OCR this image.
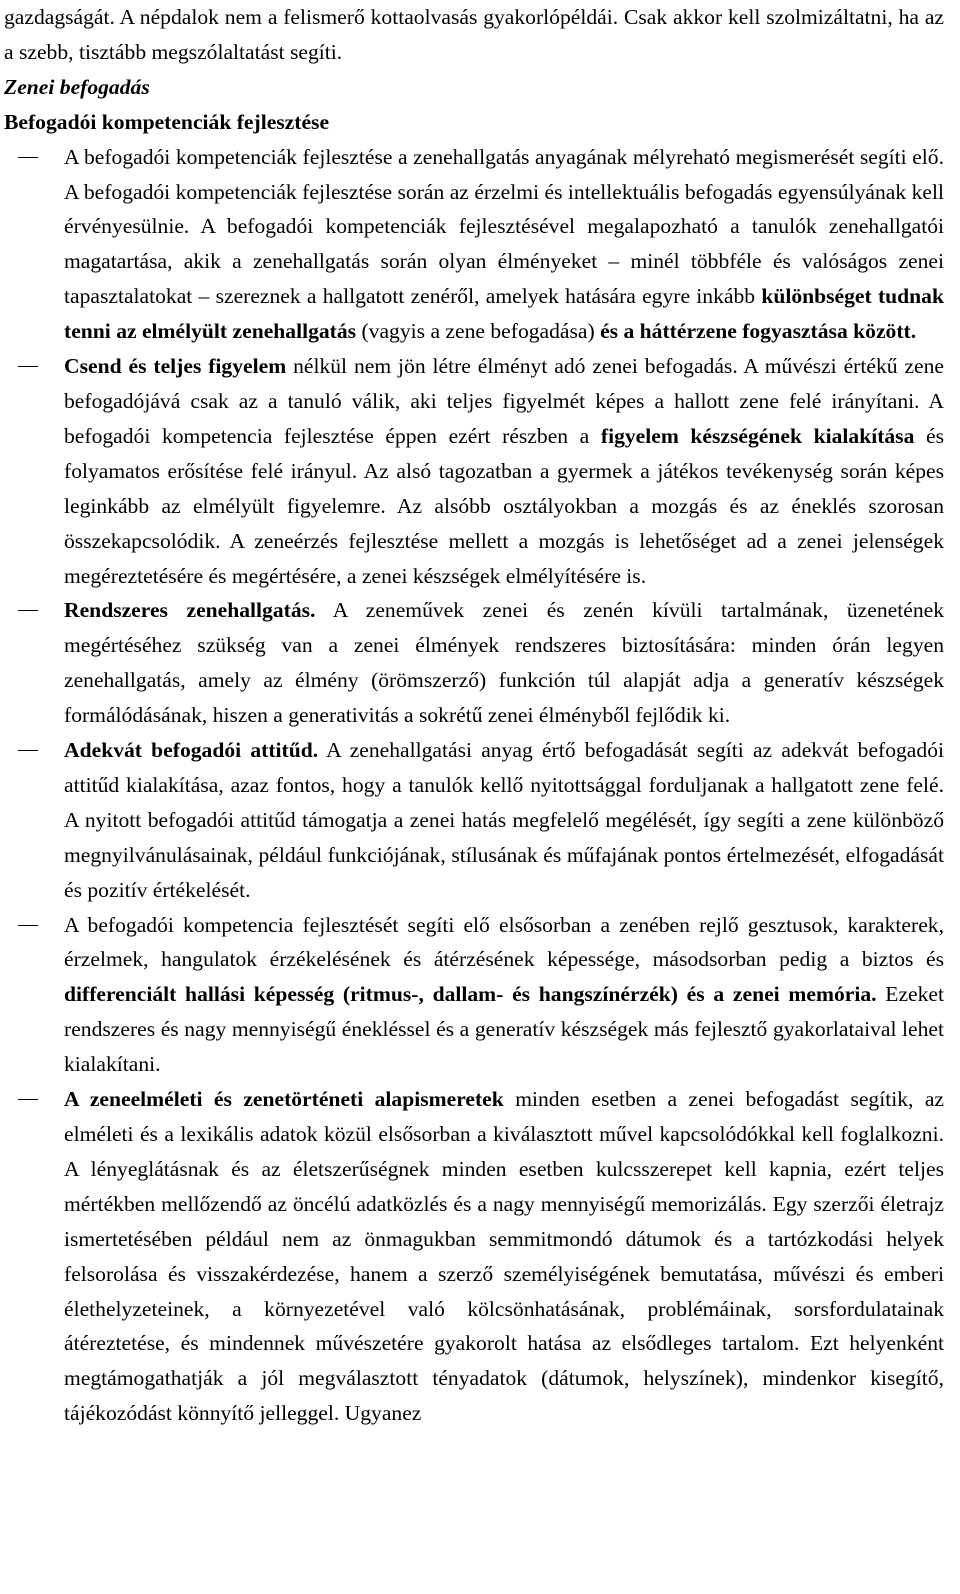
gazdagságát. A népdalok nem a felismerő kottaolvasás gyakorlópéldái. Csak akkor kell szolmizáltatni, ha az a szebb, tisztább megszólaltatást segíti.

Zenei befogadás

Befogadói kompetenciák fejlesztése

A befogadói kompetenciák fejlesztése a zenehallgatás anyagának mélyreható megismerését segíti elő. A befogadói kompetenciák fejlesztése során az érzelmi és intellektuális befogadás egyensúlyának kell érvényesülnie. A befogadói kompetenciák fejlesztésével megalapozható a tanulók zenehallgatói magatartása, akik a zenehallgatás során olyan élményeket – minél többféle és valóságos zenei tapasztalatokat – szereznek a hallgatott zenéről, amelyek hatására egyre inkább különbséget tudnak tenni az elmélyült zenehallgatás (vagyis a zene befogadása) és a háttérzene fogyasztása között.
Csend és teljes figyelem nélkül nem jön létre élményt adó zenei befogadás. A művészi értékű zene befogadójává csak az a tanuló válik, aki teljes figyelmét képes a hallott zene felé irányítani. A befogadói kompetencia fejlesztése éppen ezért részben a figyelem készségének kialakítása és folyamatos erősítése felé irányul. Az alsó tagozatban a gyermek a játékos tevékenység során képes leginkább az elmélyült figyelemre. Az alsóbb osztályokban a mozgás és az éneklés szorosan összekapcsolódik. A zeneérzés fejlesztése mellett a mozgás is lehetőséget ad a zenei jelenségek megéreztetésére és megértésére, a zenei készségek elmélyítésére is.
Rendszeres zenehallgatás. A zeneművek zenei és zenén kívüli tartalmának, üzenetének megértéséhez szükség van a zenei élmények rendszeres biztosítására: minden órán legyen zenehallgatás, amely az élmény (örömszerző) funkción túl alapját adja a generatív készségek formálódásának, hiszen a generativitás a sokrétű zenei élményből fejlődik ki.
Adekvát befogadói attitűd. A zenehallgatási anyag értő befogadását segíti az adekvát befogadói attitűd kialakítása, azaz fontos, hogy a tanulók kellő nyitottsággal forduljanak a hallgatott zene felé. A nyitott befogadói attitűd támogatja a zenei hatás megfelelő megélését, így segíti a zene különböző megnyilvánulásainak, például funkciójának, stílusának és műfajának pontos értelmezését, elfogadását és pozitív értékelését.
A befogadói kompetencia fejlesztését segíti elő elsősorban a zenében rejlő gesztusok, karakterek, érzelmek, hangulatok érzékelésének és átérzésének képessége, másodsorban pedig a biztos és differenciált hallási képesség (ritmus-, dallam- és hangszínérzék) és a zenei memória. Ezeket rendszeres és nagy mennyiségű énekléssel és a generatív készségek más fejlesztő gyakorlataival lehet kialakítani.
A zeneelméleti és zenetörténeti alapismeretek minden esetben a zenei befogadást segítik, az elméleti és a lexikális adatok közül elsősorban a kiválasztott művel kapcsolódókkal kell foglalkozni. A lényeglátásnak és az életszerűségnek minden esetben kulcsszerepet kell kapnia, ezért teljes mértékben mellőzendő az öncélú adatközlés és a nagy mennyiségű memorizálás. Egy szerzői életrajz ismertetésében például nem az önmagukban semmitmondó dátumok és a tartózkodási helyek felsorolása és visszakérdezése, hanem a szerző személyiségének bemutatása, művészi és emberi élethelyzeteinek, a környezetével való kölcsönhatásának, problémáinak, sorsfordulatainak átéreztetése, és mindennek művészetére gyakorolt hatása az elsődleges tartalom. Ezt helyenként megtámogathatják a jól megválasztott tényadatok (dátumok, helyszínek), mindenkor kisegítő, tájékozódást könnyítő jelleggel. Ugyanez
